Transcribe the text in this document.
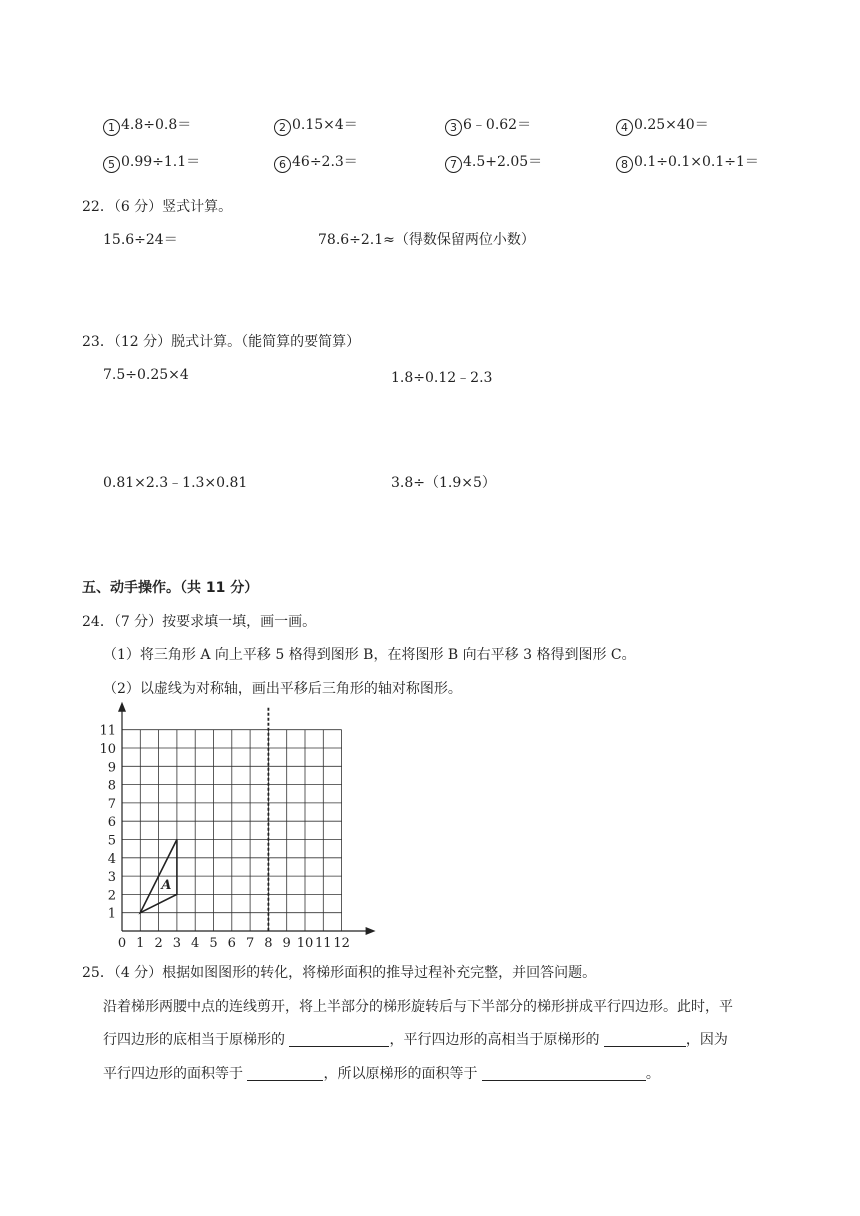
1 4.8÷0.8＝	2 0.15×4＝	3 6﹣0.62＝	4 0.25×40＝
5 0.99÷1.1＝	6 46÷2.3＝	7 4.5+2.05＝	8 0.1÷0.1×0.1÷1＝
22．（6 分）竖式计算。
15.6÷24＝	78.6÷2.1≈（得数保留两位小数）
23．（12 分）脱式计算。（能简算的要简算）
7.5÷0.25×4	1.8÷0.12﹣2.3
0.81×2.3﹣1.3×0.81	3.8÷（1.9×5）
五、动手操作。（共 11 分）
24．（7 分）按要求填一填，画一画。
（1）将三角形 A 向上平移 5 格得到图形 B，在将图形 B 向右平移 3 格得到图形 C。
（2）以虚线为对称轴，画出平移后三角形的轴对称图形。
0 1 2 3 4 5 6 7 8 9 10 11 12
1
2
3
4
5
6
7
8
9
10
11
A
25．（4 分）根据如图图形的转化，将梯形面积的推导过程补充完整，并回答问题。
沿着梯形两腰中点的连线剪开，将上半部分的梯形旋转后与下半部分的梯形拼成平行四边形。此时，平
行四边形的底相当于原梯形的	，平行四边形的高相当于原梯形的	，因为
平行四边形的面积等于	，所以原梯形的面积等于	。
